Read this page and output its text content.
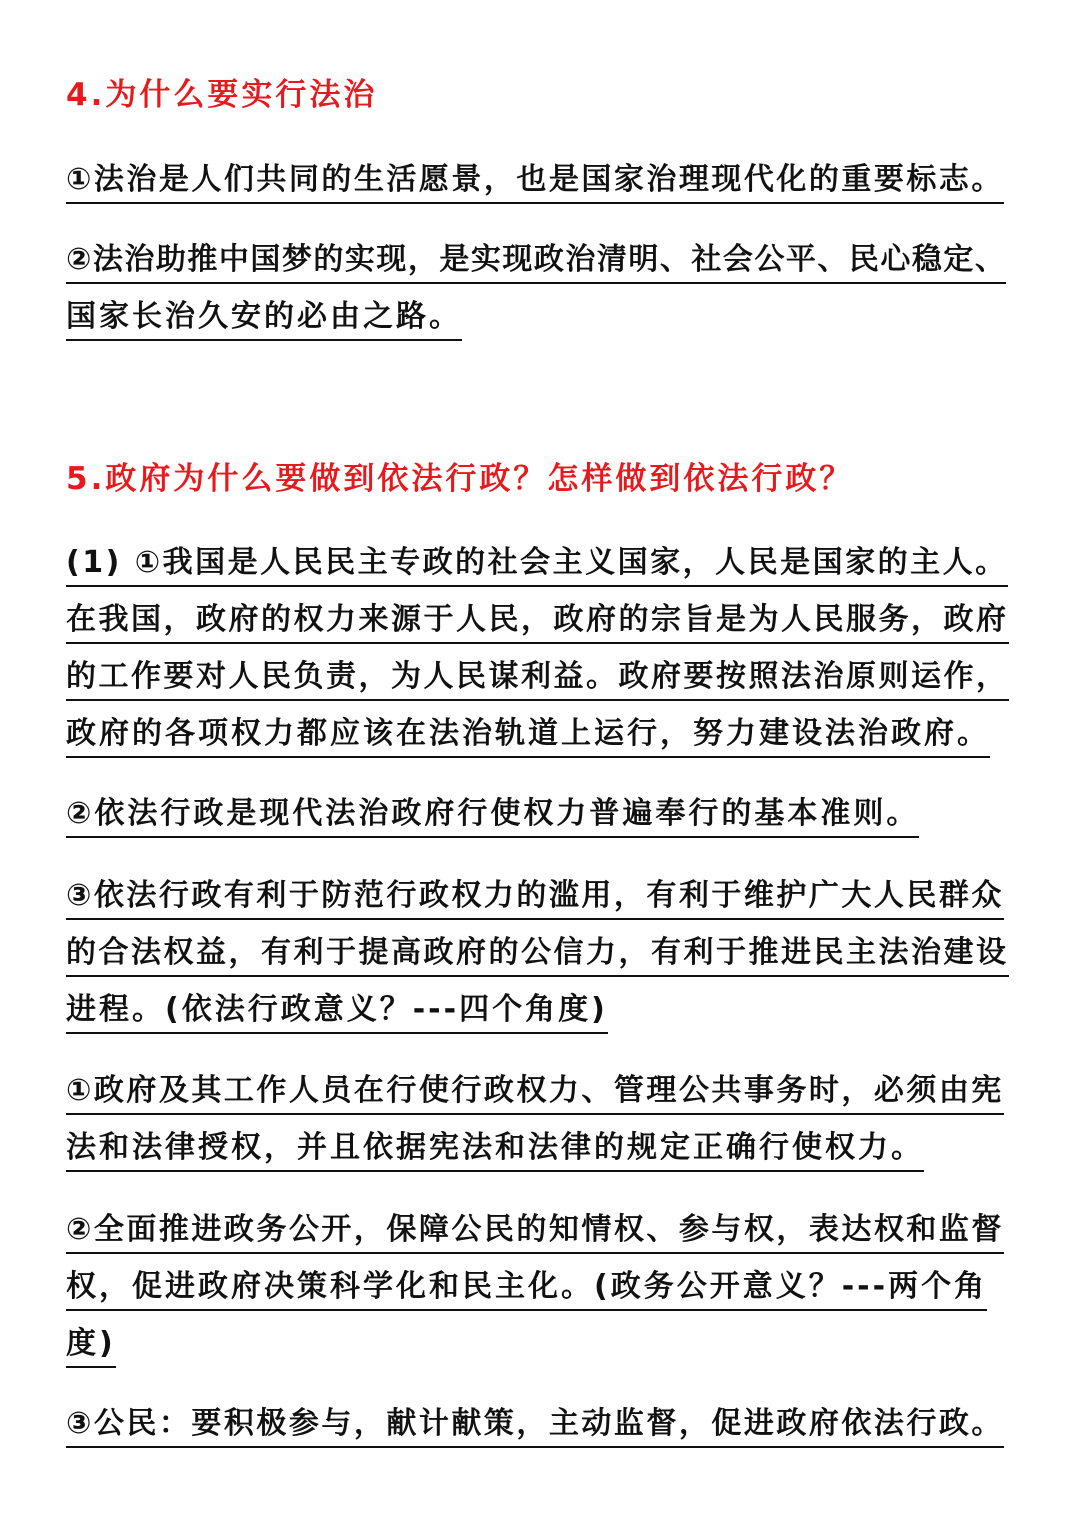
4.为什么要实行法治
①法治是人们共同的生活愿景，也是国家治理现代化的重要标志。
②法治助推中国梦的实现，是实现政治清明、社会公平、民心稳定、
国家长治久安的必由之路。
5.政府为什么要做到依法行政？怎样做到依法行政？
(1) ①我国是人民民主专政的社会主义国家，人民是国家的主人。
在我国，政府的权力来源于人民，政府的宗旨是为人民服务，政府
的工作要对人民负责，为人民谋利益。政府要按照法治原则运作，
政府的各项权力都应该在法治轨道上运行，努力建设法治政府。
②依法行政是现代法治政府行使权力普遍奉行的基本准则。
③依法行政有利于防范行政权力的滥用，有利于维护广大人民群众
的合法权益，有利于提高政府的公信力，有利于推进民主法治建设
进程。(依法行政意义？---四个角度)
①政府及其工作人员在行使行政权力、管理公共事务时，必须由宪
法和法律授权，并且依据宪法和法律的规定正确行使权力。
②全面推进政务公开，保障公民的知情权、参与权，表达权和监督
权，促进政府决策科学化和民主化。(政务公开意义？---两个角
度)
③公民：要积极参与，献计献策，主动监督，促进政府依法行政。
